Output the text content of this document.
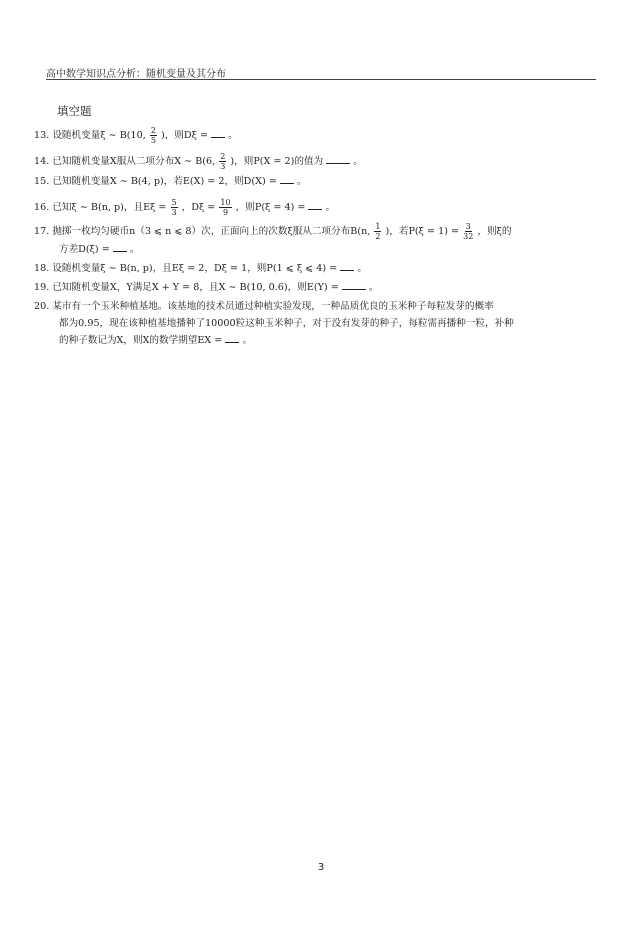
高中数学知识点分析：随机变量及其分布
填空题
13. 设随机变量ξ ∼ B(10, $\frac{2}{5}$ )，则Dξ = 。
14. 已知随机变量X服从二项分布X ∼ B(6, $\frac{2}{3}$ )，则P(X = 2)的值为	。
15. 已知随机变量X ∼ B(4, p)，若E(X) = 2，则D(X) = 。
16. 已知ξ ∼ B(n, p)，且$E\xi = \frac{5}{3}$ ，$D\xi = \frac{10}{9}$ ，则P(ξ = 4) = 。
17. 抛掷一枚均匀硬币n（3 ⩽ n ⩽ 8）次，正面向上的次数ξ服从二项分布B(n, $\frac{1}{2}$ )，若$P(\xi = 1) = \frac{3}{32}$ ，则ξ的
方差D(ξ) = 。
18. 设随机变量ξ ∼ B(n, p)，且Eξ = 2，Dξ = 1，则P(1 ⩽ ξ ⩽ 4) = 。
19. 已知随机变量X，Y满足X + Y = 8，且X ∼ B(10, 0.6)，则E(Y) =	。
20. 某市有一个玉米种植基地。该基地的技术员通过种植实验发现，一种品质优良的玉米种子每粒发芽的概率
都为0.95，现在该种植基地播种了10000粒这种玉米种子，对于没有发芽的种子，每粒需再播种一粒，补种
的种子数记为X，则X的数学期望EX = 。
3
